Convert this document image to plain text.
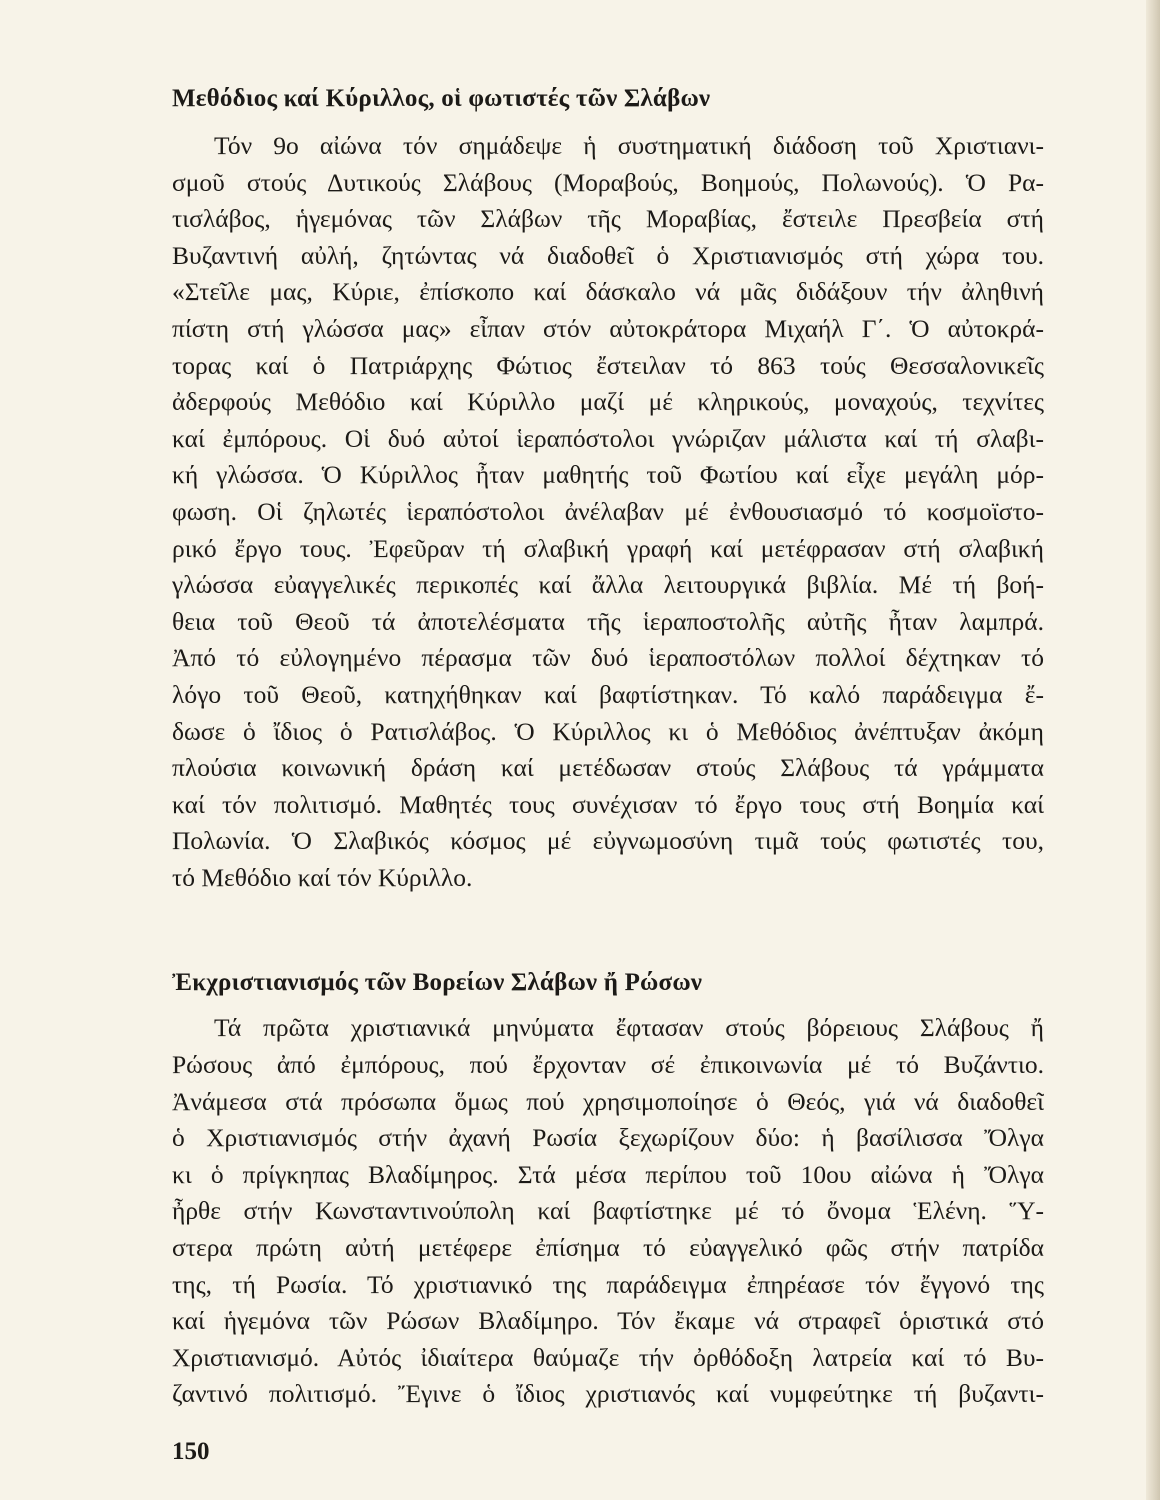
Μεθόδιος καί Κύριλλος, οἱ φωτιστές τῶν Σλάβων
Τόν 9ο αἰώνα τόν σημάδεψε ἡ συστηματική διάδοση τοῦ Χριστιανι-
σμοῦ στούς Δυτικούς Σλάβους (Μοραβούς, Βοημούς, Πολωνούς). Ὁ Ρα-
τισλάβος, ἡγεμόνας τῶν Σλάβων τῆς Μοραβίας, ἔστειλε Πρεσβεία στή
Βυζαντινή αὐλή, ζητώντας νά διαδοθεῖ ὁ Χριστιανισμός στή χώρα του.
«Στεῖλε μας, Κύριε, ἐπίσκοπο καί δάσκαλο νά μᾶς διδάξουν τήν ἀληθινή
πίστη στή γλώσσα μας» εἶπαν στόν αὐτοκράτορα Μιχαήλ Γ΄. Ὁ αὐτοκρά-
τορας καί ὁ Πατριάρχης Φώτιος ἔστειλαν τό 863 τούς Θεσσαλονικεῖς
ἀδερφούς Μεθόδιο καί Κύριλλο μαζί μέ κληρικούς, μοναχούς, τεχνίτες
καί ἐμπόρους. Οἱ δυό αὐτοί ἱεραπόστολοι γνώριζαν μάλιστα καί τή σλαβι-
κή γλώσσα. Ὁ Κύριλλος ἦταν μαθητής τοῦ Φωτίου καί εἶχε μεγάλη μόρ-
φωση. Οἱ ζηλωτές ἱεραπόστολοι ἀνέλαβαν μέ ἐνθουσιασμό τό κοσμοϊστο-
ρικό ἔργο τους. Ἐφεῦραν τή σλαβική γραφή καί μετέφρασαν στή σλαβική
γλώσσα εὐαγγελικές περικοπές καί ἄλλα λειτουργικά βιβλία. Μέ τή βοή-
θεια τοῦ Θεοῦ τά ἀποτελέσματα τῆς ἱεραποστολῆς αὐτῆς ἦταν λαμπρά.
Ἀπό τό εὐλογημένο πέρασμα τῶν δυό ἱεραποστόλων πολλοί δέχτηκαν τό
λόγο τοῦ Θεοῦ, κατηχήθηκαν καί βαφτίστηκαν. Τό καλό παράδειγμα ἔ-
δωσε ὁ ἴδιος ὁ Ρατισλάβος. Ὁ Κύριλλος κι ὁ Μεθόδιος ἀνέπτυξαν ἀκόμη
πλούσια κοινωνική δράση καί μετέδωσαν στούς Σλάβους τά γράμματα
καί τόν πολιτισμό. Μαθητές τους συνέχισαν τό ἔργο τους στή Βοημία καί
Πολωνία. Ὁ Σλαβικός κόσμος μέ εὐγνωμοσύνη τιμᾶ τούς φωτιστές του,
τό Μεθόδιο καί τόν Κύριλλο.
Ἐκχριστιανισμός τῶν Βορείων Σλάβων ἤ Ρώσων
Τά πρῶτα χριστιανικά μηνύματα ἔφτασαν στούς βόρειους Σλάβους ἤ
Ρώσους ἀπό ἐμπόρους, πού ἔρχονταν σέ ἐπικοινωνία μέ τό Βυζάντιο.
Ἀνάμεσα στά πρόσωπα ὅμως πού χρησιμοποίησε ὁ Θεός, γιά νά διαδοθεῖ
ὁ Χριστιανισμός στήν ἀχανή Ρωσία ξεχωρίζουν δύο: ἡ βασίλισσα Ὄλγα
κι ὁ πρίγκηπας Βλαδίμηρος. Στά μέσα περίπου τοῦ 10ου αἰώνα ἡ Ὄλγα
ἦρθε στήν Κωνσταντινούπολη καί βαφτίστηκε μέ τό ὄνομα Ἑλένη. Ὕ-
στερα πρώτη αὐτή μετέφερε ἐπίσημα τό εὐαγγελικό φῶς στήν πατρίδα
της, τή Ρωσία. Τό χριστιανικό της παράδειγμα ἐπηρέασε τόν ἔγγονό της
καί ἡγεμόνα τῶν Ρώσων Βλαδίμηρο. Τόν ἔκαμε νά στραφεῖ ὁριστικά στό
Χριστιανισμό. Αὐτός ἰδιαίτερα θαύμαζε τήν ὀρθόδοξη λατρεία καί τό Βυ-
ζαντινό πολιτισμό. Ἔγινε ὁ ἴδιος χριστιανός καί νυμφεύτηκε τή βυζαντι-

150
